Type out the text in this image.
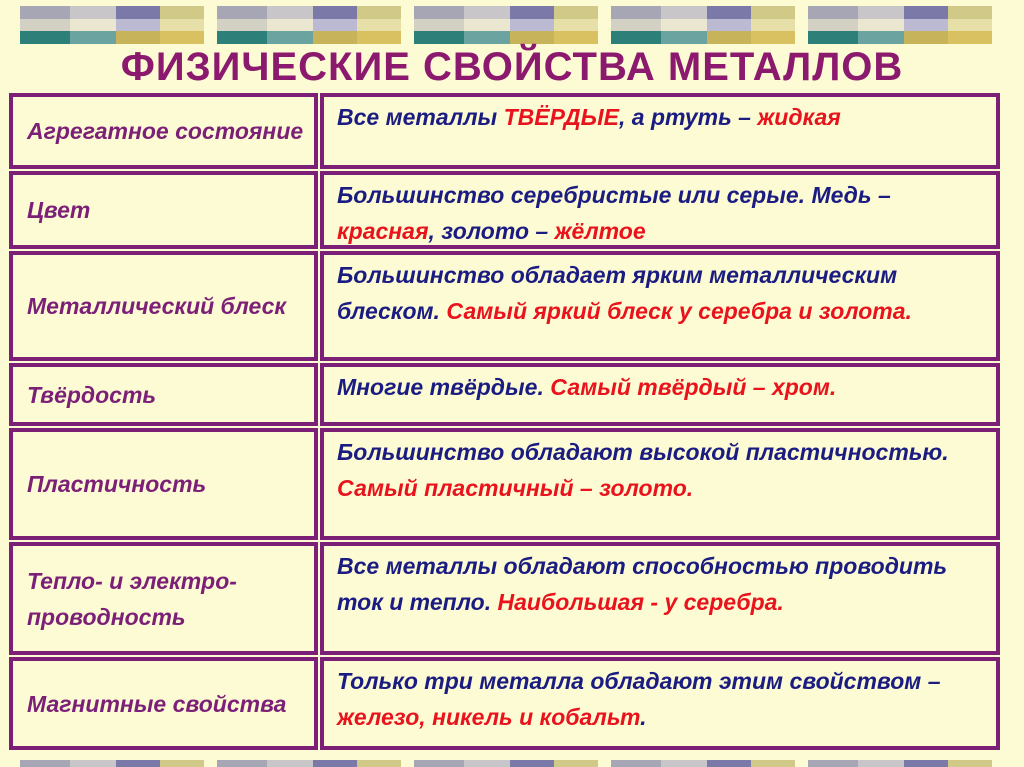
ФИЗИЧЕСКИЕ СВОЙСТВА МЕТАЛЛОВ
Агрегатное состояние
Все металлы ТВЁРДЫЕ, а ртуть – жидкая
Цвет
Большинство серебристые или серые. Медь – красная, золото – жёлтое
Металлический блеск
Большинство обладает ярким металлическим блеском. Самый яркий блеск у серебра и золота.
Твёрдость	Многие твёрдые. Самый твёрдый – хром.
Пластичность
Большинство обладают высокой пластичностью. Самый пластичный – золото.
Тепло- и электро-проводность
Все металлы обладают способностью проводить ток и тепло. Наибольшая - у серебра.
Магнитные свойства
Только три металла обладают этим свойством – железо, никель и кобальт.
